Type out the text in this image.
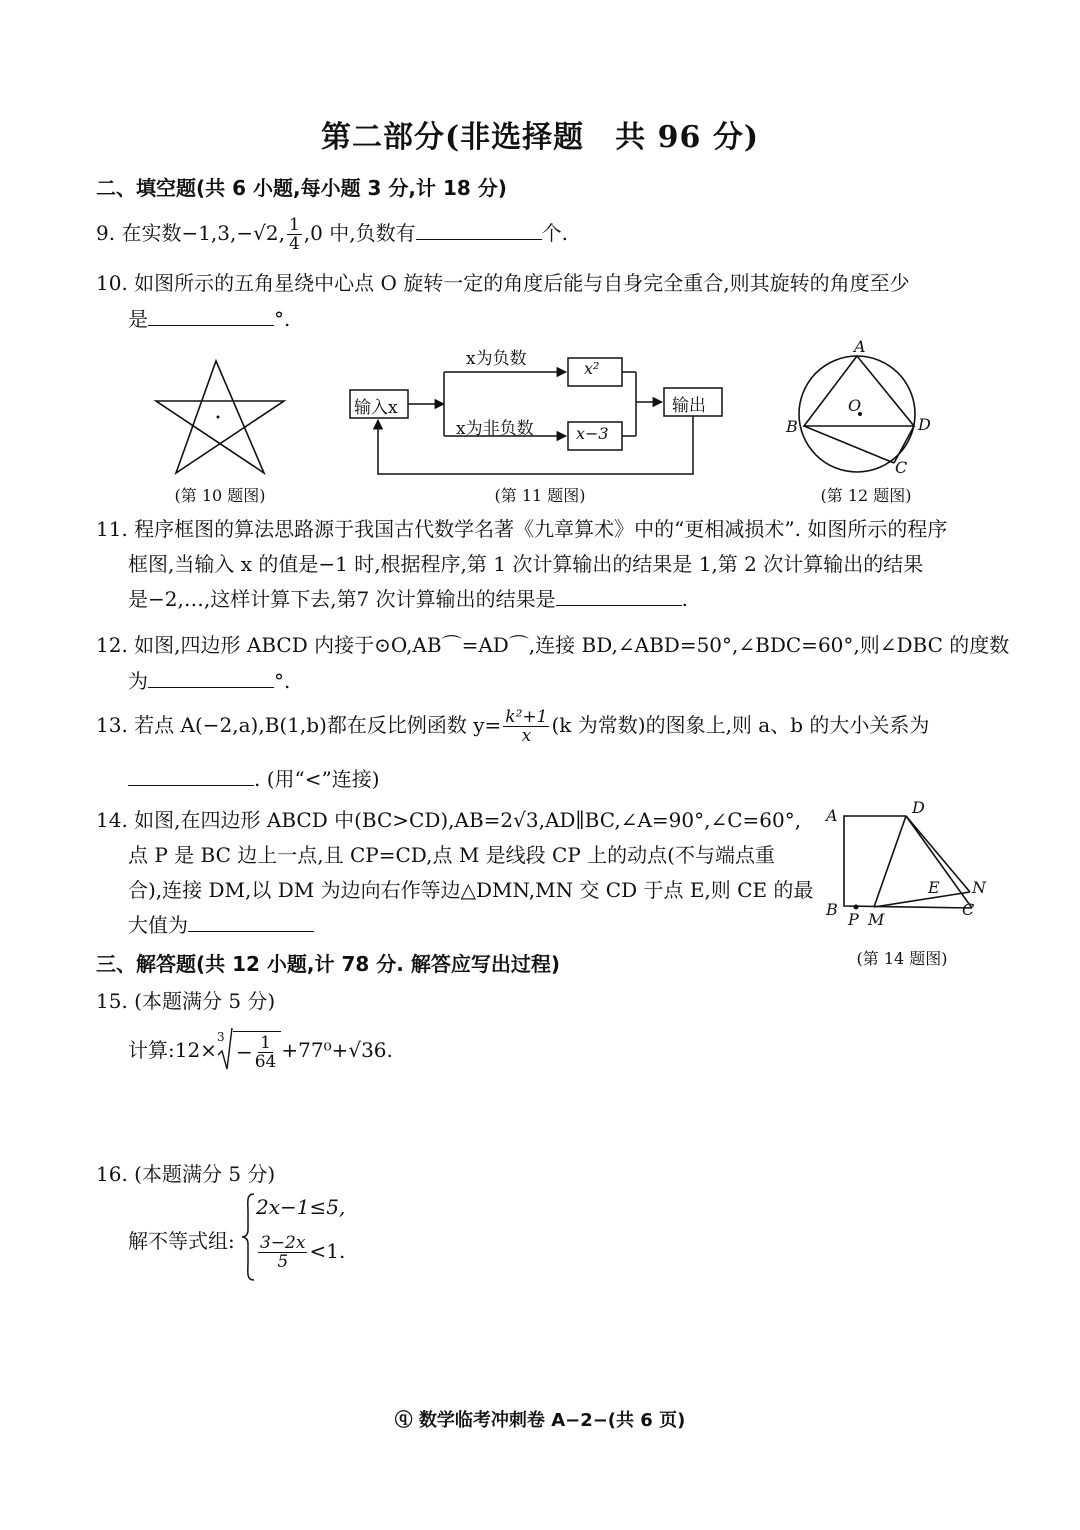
第二部分(非选择题　共 96 分)
二、填空题(共 6 小题,每小题 3 分,计 18 分)
9. 在实数−1,3,−√2, $\frac{1}{4} ,0$ 中,负数有	个.
10. 如图所示的五角星绕中心点 O 旋转一定的角度后能与自身完全重合,则其旋转的角度至少
是	°.
(第 10 题图)
输入x	输出
x为负数
x为非负数
x²
x−3
(第 11 题图)
A
B
C
D
O
(第 12 题图)
11. 程序框图的算法思路源于我国古代数学名著《九章算术》中的“更相减损术”. 如图所示的程序
框图,当输入 x 的值是−1 时,根据程序,第 1 次计算输出的结果是 1,第 2 次计算输出的结果
是−2,…,这样计算下去,第7 次计算输出的结果是	.
12. 如图,四边形 ABCD 内接于⊙O,AB⌒=AD⌒,连接 BD,∠ABD=50°,∠BDC=60°,则∠DBC 的度数
为	°.
13. 若点 A(−2,a),B(1,b)都在反比例函数 $y= \frac{\text{k²+1}}{x} (k$ 为常数)的图象上,则 a、b 的大小关系为
. (用“<”连接)
14. 如图,在四边形 ABCD 中(BC>CD),AB=2√3,AD∥BC,∠A=90°,∠C=60°,
点 P 是 BC 边上一点,且 CP=CD,点 M 是线段 CP 上的动点(不与端点重
合),连接 DM,以 DM 为边向右作等边△DMN,MN 交 CD 于点 E,则 CE 的最
大值为
A
B	C
D
E
M
N
P
(第 14 题图)
三、解答题(共 12 小题,计 78 分. 解答应写出过程)
15. (本题满分 5 分)
计算:12×
3
− $\frac{1}{64} +77^0+√36$.
16. (本题满分 5 分)
解不等式组:
2x−1≤5,
$\frac{3-2x}{5} <1$.
ⓠ 数学临考冲刺卷 A−2−(共 6 页)
